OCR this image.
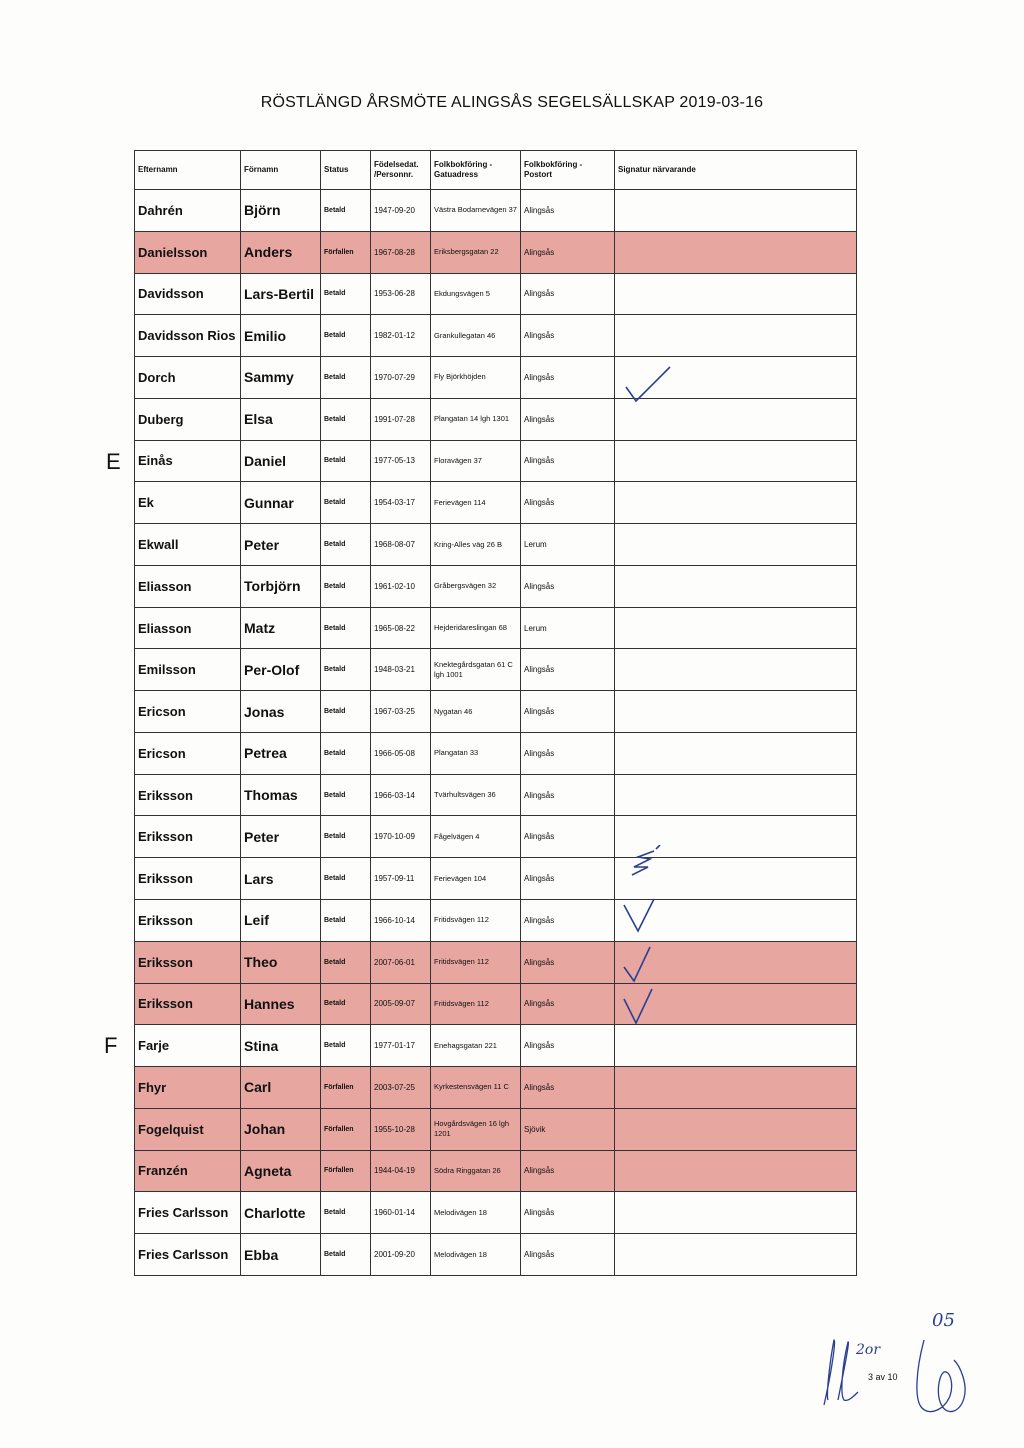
RÖSTLÄNGD ÅRSMÖTE ALINGSÅS SEGELSÄLLSKAP 2019-03-16
Efternamn	Förnamn	Status	Födelsedat. /Personnr.	Folkbokföring - Gatuadress	Folkbokföring - Postort	Signatur närvarande
Dahrén	Björn	Betald	1947-09-20	Västra Bodarnevägen 37	Alingsås	
Danielsson	Anders	Förfallen	1967-08-28	Eriksbergsgatan 22	Alingsås	
Davidsson	Lars-Bertil	Betald	1953-06-28	Ekdungsvägen 5	Alingsås	
Davidsson Rios	Emilio	Betald	1982-01-12	Grankullegatan 46	Alingsås	
Dorch	Sammy	Betald	1970-07-29	Fly Björkhöjden	Alingsås	
Duberg	Elsa	Betald	1991-07-28	Plangatan 14 lgh 1301	Alingsås	
Einås	Daniel	Betald	1977-05-13	Floravägen 37	Alingsås	
Ek	Gunnar	Betald	1954-03-17	Ferievägen 114	Alingsås	
Ekwall	Peter	Betald	1968-08-07	Kring-Alles väg 26 B	Lerum	
Eliasson	Torbjörn	Betald	1961-02-10	Gråbergsvägen 32	Alingsås	
Eliasson	Matz	Betald	1965-08-22	Hejderidareslingan 68	Lerum	
Emilsson	Per-Olof	Betald	1948-03-21	Knektegårdsgatan 61 C lgh 1001	Alingsås	
Ericson	Jonas	Betald	1967-03-25	Nygatan 46	Alingsås	
Ericson	Petrea	Betald	1966-05-08	Plangatan 33	Alingsås	
Eriksson	Thomas	Betald	1966-03-14	Tvärhultsvägen 36	Alingsås	
Eriksson	Peter	Betald	1970-10-09	Fågelvägen 4	Alingsås	
Eriksson	Lars	Betald	1957-09-11	Ferievägen 104	Alingsås	
Eriksson	Leif	Betald	1966-10-14	Fritidsvägen 112	Alingsås	
Eriksson	Theo	Betald	2007-06-01	Fritidsvägen 112	Alingsås	
Eriksson	Hannes	Betald	2005-09-07	Fritidsvägen 112	Alingsås	
Farje	Stina	Betald	1977-01-17	Enehagsgatan 221	Alingsås	
Fhyr	Carl	Förfallen	2003-07-25	Kyrkestensvägen 11 C	Alingsås	
Fogelquist	Johan	Förfallen	1955-10-28	Hovgårdsvägen 16 lgh 1201	Sjövik	
Franzén	Agneta	Förfallen	1944-04-19	Södra Ringgatan 26	Alingsås	
Fries Carlsson	Charlotte	Betald	1960-01-14	Melodivägen 18	Alingsås	
Fries Carlsson	Ebba	Betald	2001-09-20	Melodivägen 18	Alingsås	
E
F
2or
05
3 av 10
